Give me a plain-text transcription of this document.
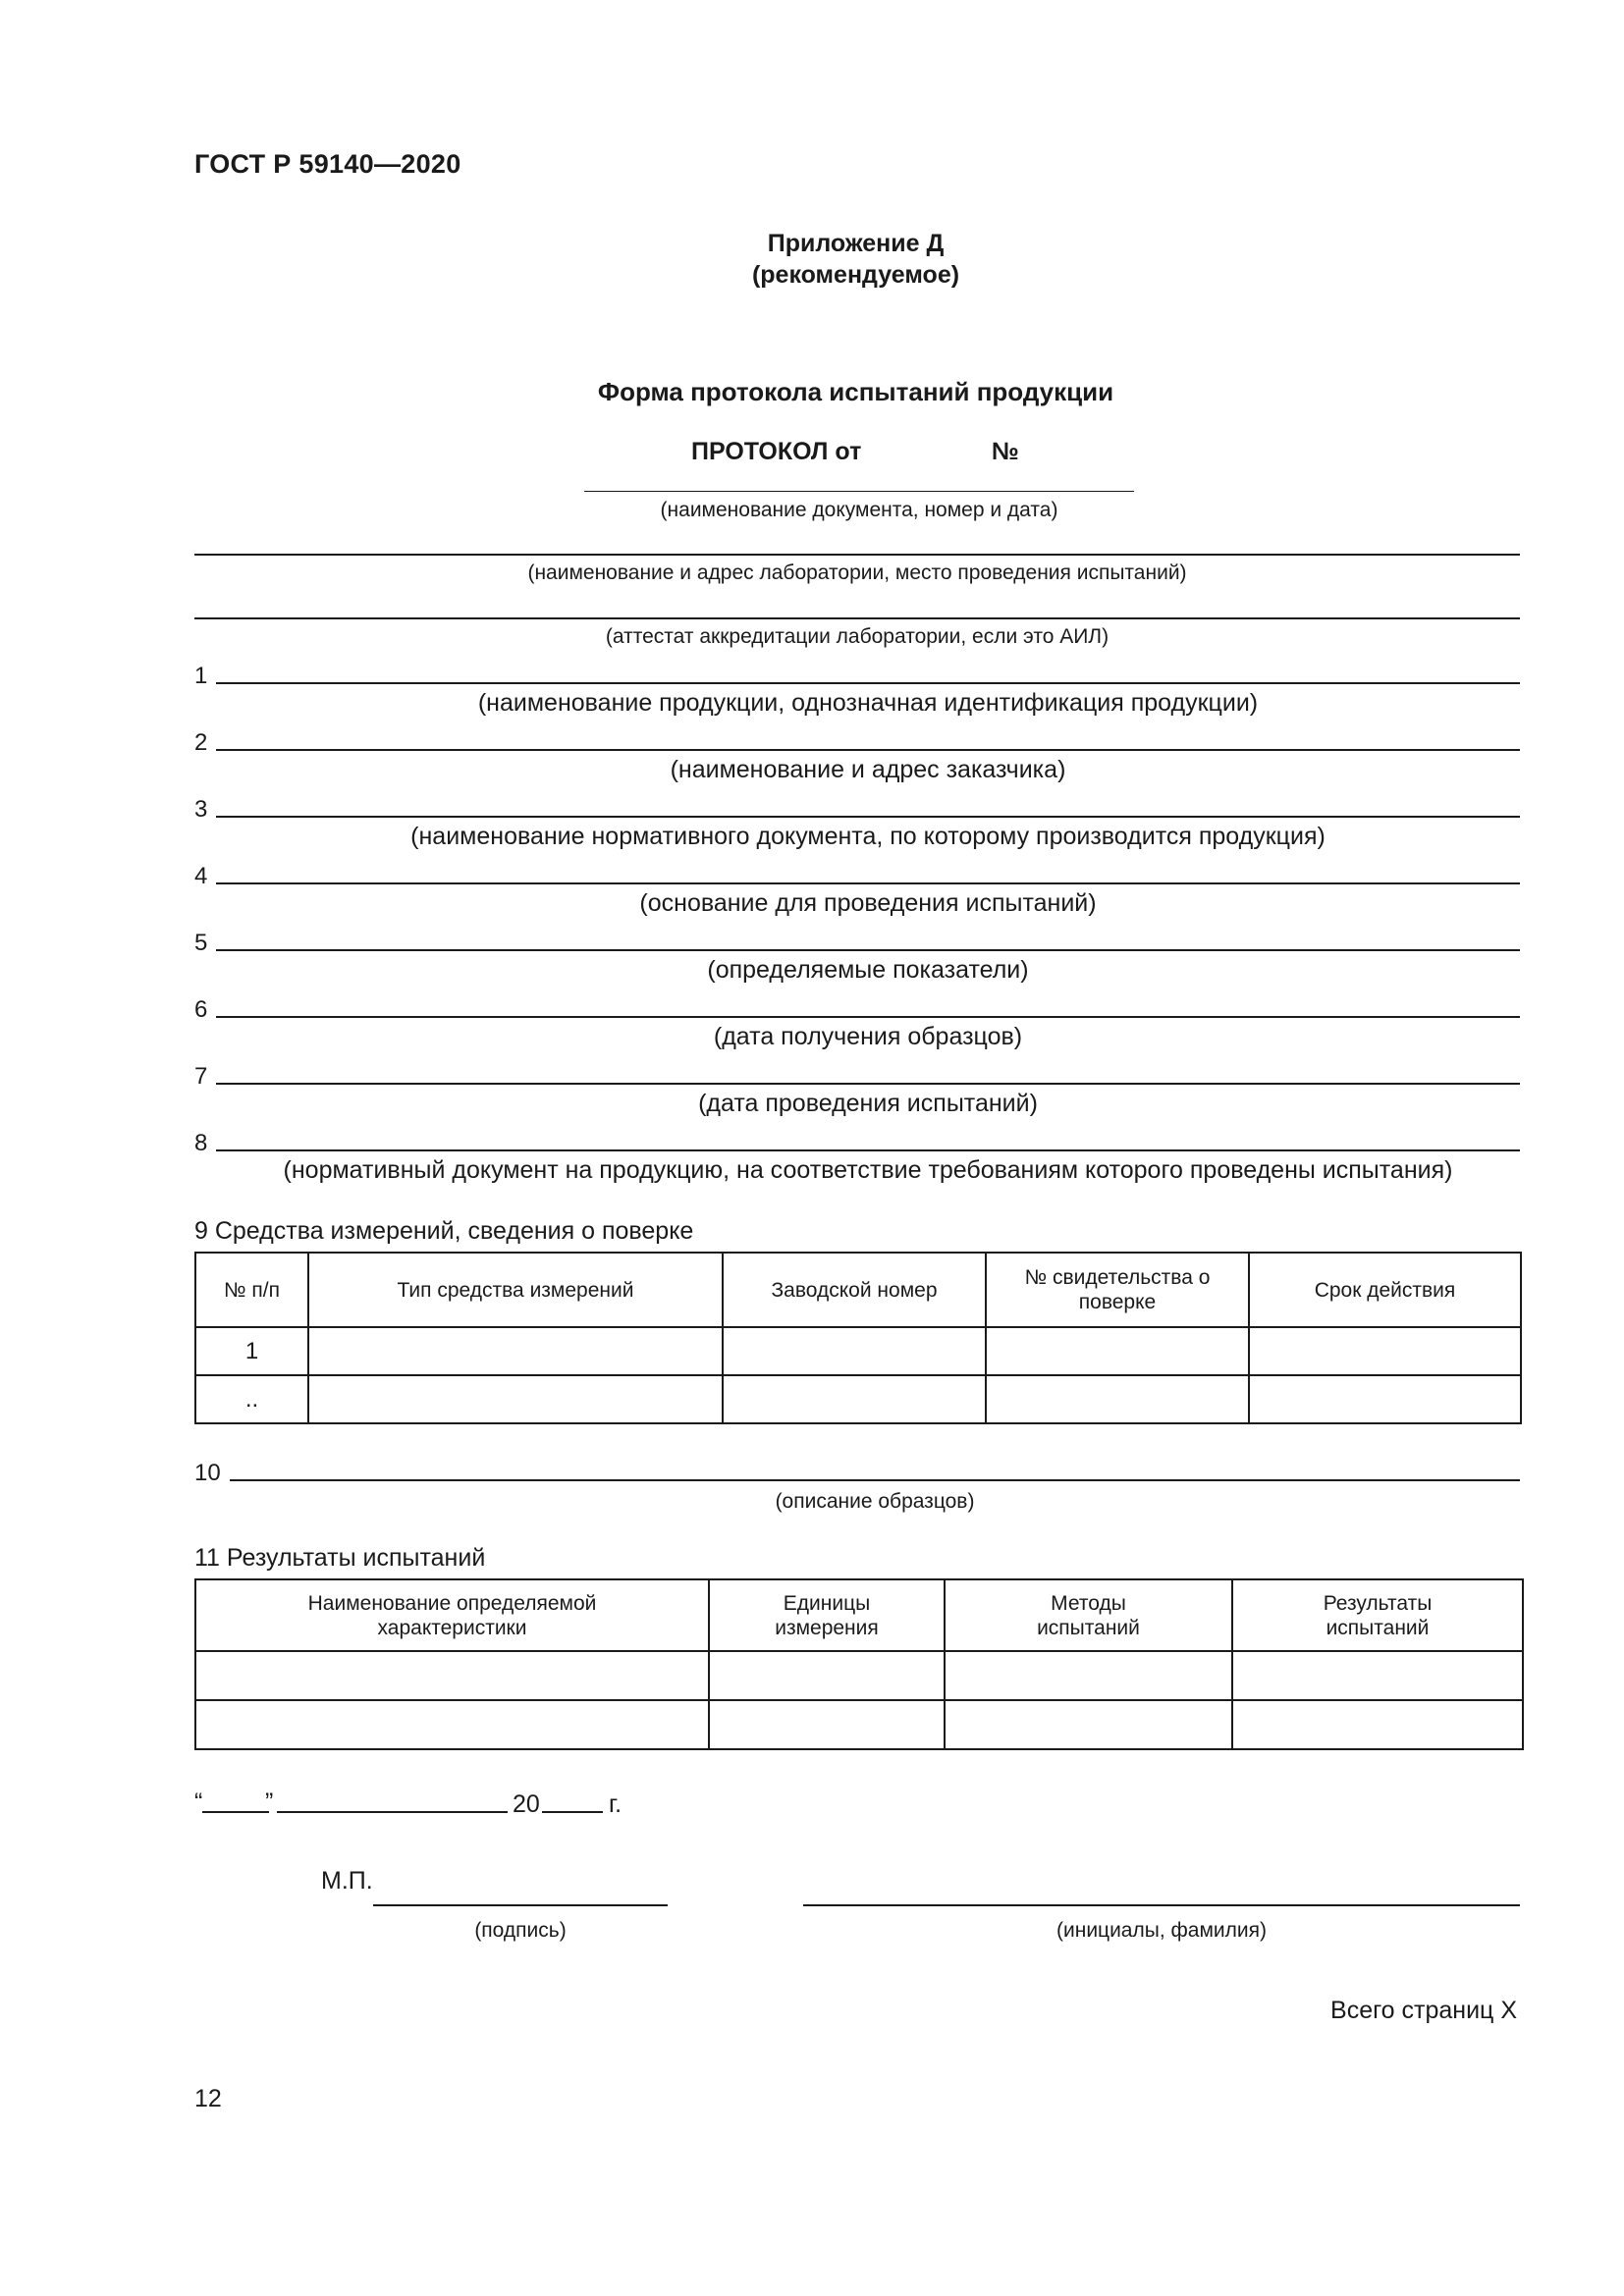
ГОСТ Р 59140—2020
Приложение Д
(рекомендуемое)
Форма протокола испытаний продукции
ПРОТОКОЛ от	№
(наименование документа, номер и дата)
(наименование и адрес лаборатории, место проведения испытаний)
(аттестат аккредитации лаборатории, если это АИЛ)
1
(наименование продукции, однозначная идентификация продукции)
2
(наименование и адрес заказчика)
3
(наименование нормативного документа, по которому производится продукция)
4
(основание для проведения испытаний)
5
(определяемые показатели)
6
(дата получения образцов)
7
(дата проведения испытаний)
8
(нормативный документ на продукцию, на соответствие требованиям которого проведены испытания)
9 Средства измерений, сведения о поверке
№ п/п	Тип средства измерений	Заводской номер	№ свидетельства о поверке	Срок действия
1				
..				
10
(описание образцов)
11 Результаты испытаний
Наименование определяемой характеристики	Единицы измерения	Методы испытаний	Результаты испытаний

“	”	20	г.
М.П.
(подпись)	(инициалы, фамилия)
Всего страниц X
12
